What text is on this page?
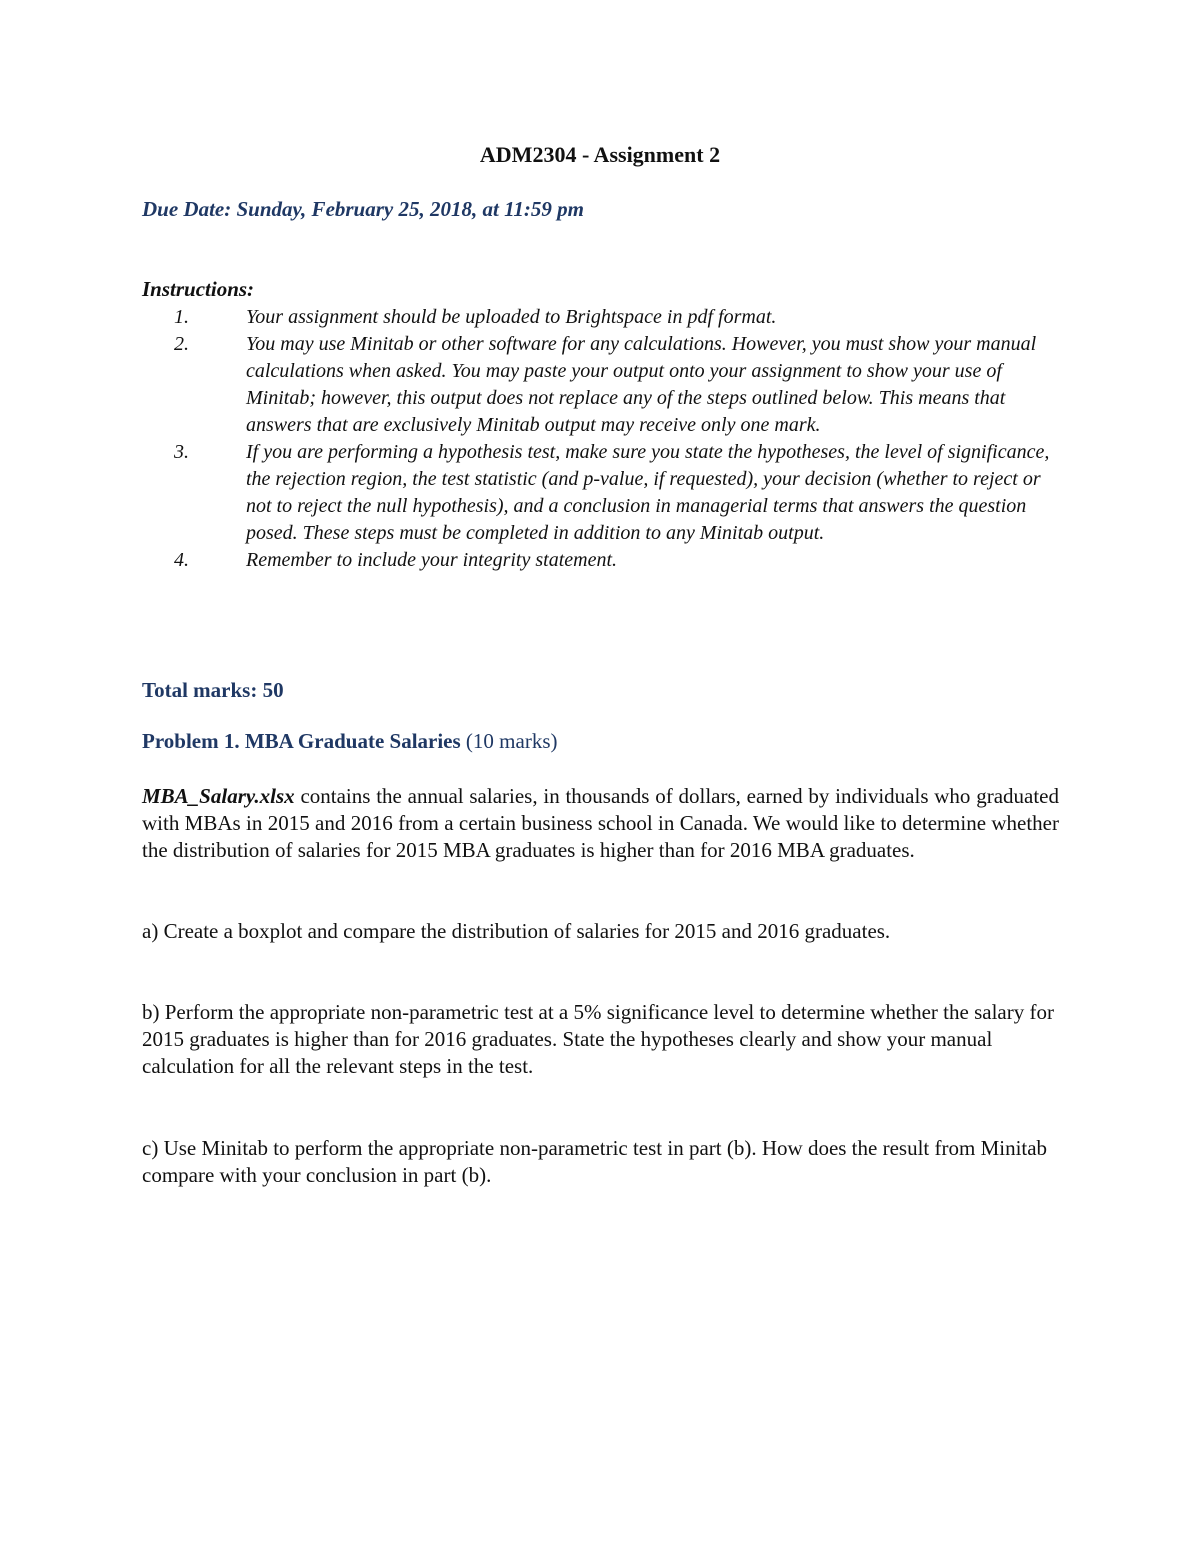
ADM2304 - Assignment 2
Due Date: Sunday, February 25, 2018, at 11:59 pm
Instructions:
1.	Your assignment should be uploaded to Brightspace in pdf format.
2.	You may use Minitab or other software for any calculations. However, you must show your manual calculations when asked. You may paste your output onto your assignment to show your use of Minitab; however, this output does not replace any of the steps outlined below. This means that answers that are exclusively Minitab output may receive only one mark.
3.	If you are performing a hypothesis test, make sure you state the hypotheses, the level of significance, the rejection region, the test statistic (and p-value, if requested), your decision (whether to reject or not to reject the null hypothesis), and a conclusion in managerial terms that answers the question posed. These steps must be completed in addition to any Minitab output.
4.	Remember to include your integrity statement.
Total marks: 50
Problem 1. MBA Graduate Salaries (10 marks)
MBA_Salary.xlsx contains the annual salaries, in thousands of dollars, earned by individuals who graduated with MBAs in 2015 and 2016 from a certain business school in Canada. We would like to determine whether the distribution of salaries for 2015 MBA graduates is higher than for 2016 MBA graduates.
a) Create a boxplot and compare the distribution of salaries for 2015 and 2016 graduates.
b) Perform the appropriate non-parametric test at a 5% significance level to determine whether the salary for 2015 graduates is higher than for 2016 graduates. State the hypotheses clearly and show your manual calculation for all the relevant steps in the test.
c) Use Minitab to perform the appropriate non-parametric test in part (b). How does the result from Minitab compare with your conclusion in part (b).
